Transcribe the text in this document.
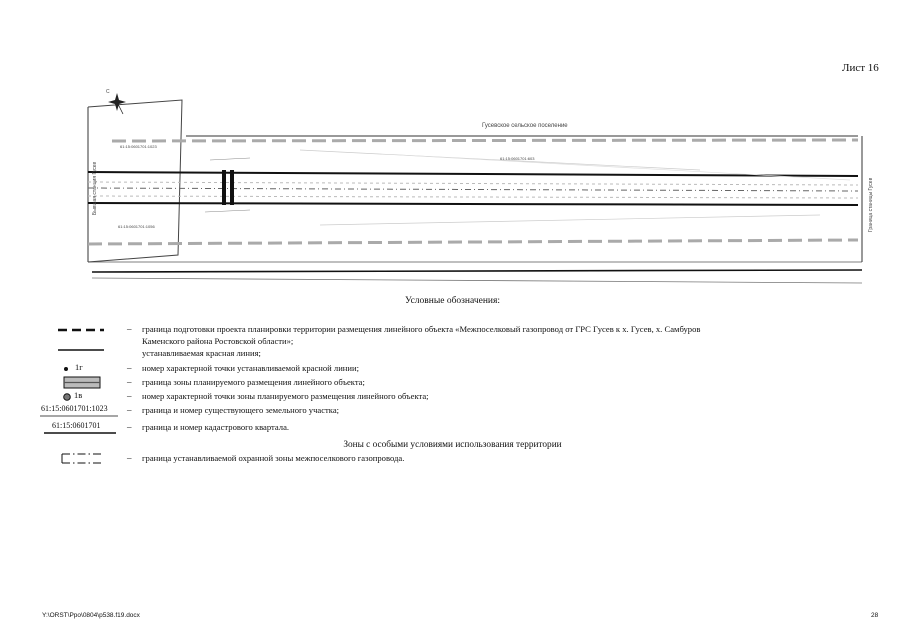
Лист 16
С
Гусевское сельское поселение
61:15:0601701:1023
61:15:0601701:603
61:15:0601701:1056
Бывшая станция Гусев	Граница станицы Гусев
Условные обозначения:
– граница подготовки проекта планировки территории размещения линейного объекта «Межпоселковый газопровод от ГРС Гусев к х. Гусев, х. Самбуров
Каменского района Ростовской области»;
устанавливаемая красная линия;
1г	– номер характерной точки устанавливаемой красной линии;
– граница зоны планируемого размещения линейного объекта;
1в	– номер характерной точки зоны планируемого размещения линейного объекта;
61:15:0601701:1023 – граница и номер существующего земельного участка;
61:15:0601701	– граница и номер кадастрового квартала.
Зоны с особыми условиями использования территории
– граница устанавливаемой охранной зоны межпоселкового газопровода.
Y:\ORST\Ppo\0804\p538.f19.docx	28
